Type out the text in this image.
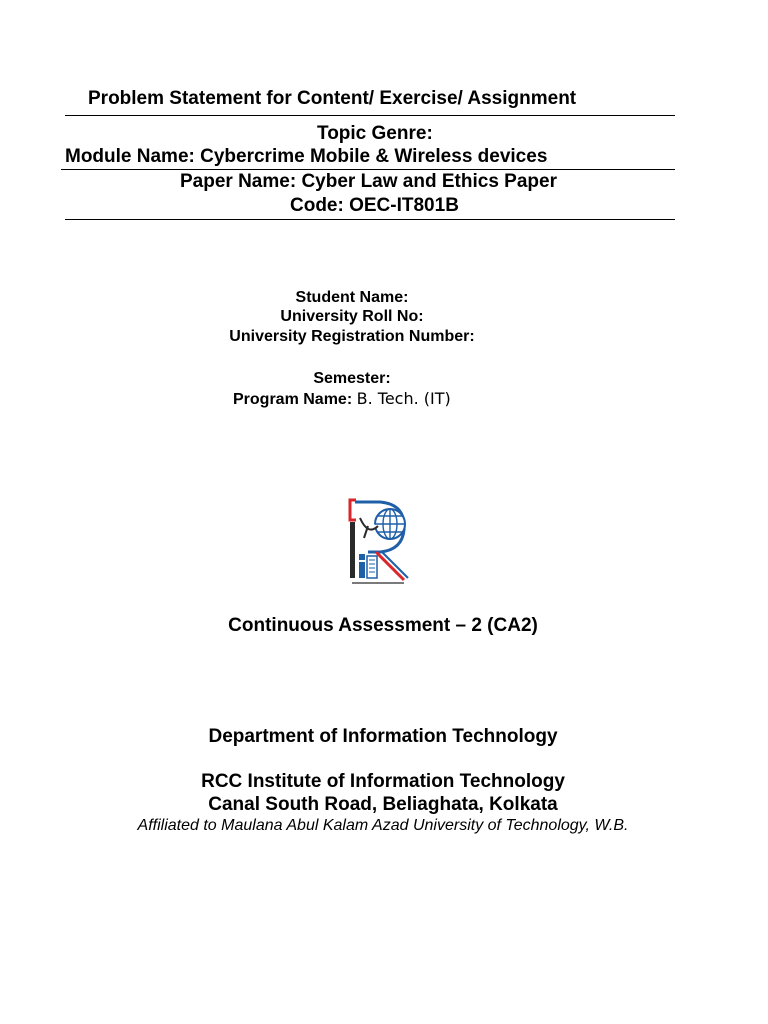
Problem Statement for Content/ Exercise/ Assignment
Topic Genre:
Module Name: Cybercrime Mobile & Wireless devices
Paper Name: Cyber Law and Ethics Paper
Code: OEC-IT801B
Student Name:
University Roll No:
University Registration Number:
Semester:
Program Name: B. Tech. (IT)
Continuous Assessment – 2 (CA2)
Department of Information Technology
RCC Institute of Information Technology
Canal South Road, Beliaghata, Kolkata
Affiliated to Maulana Abul Kalam Azad University of Technology, W.B.
